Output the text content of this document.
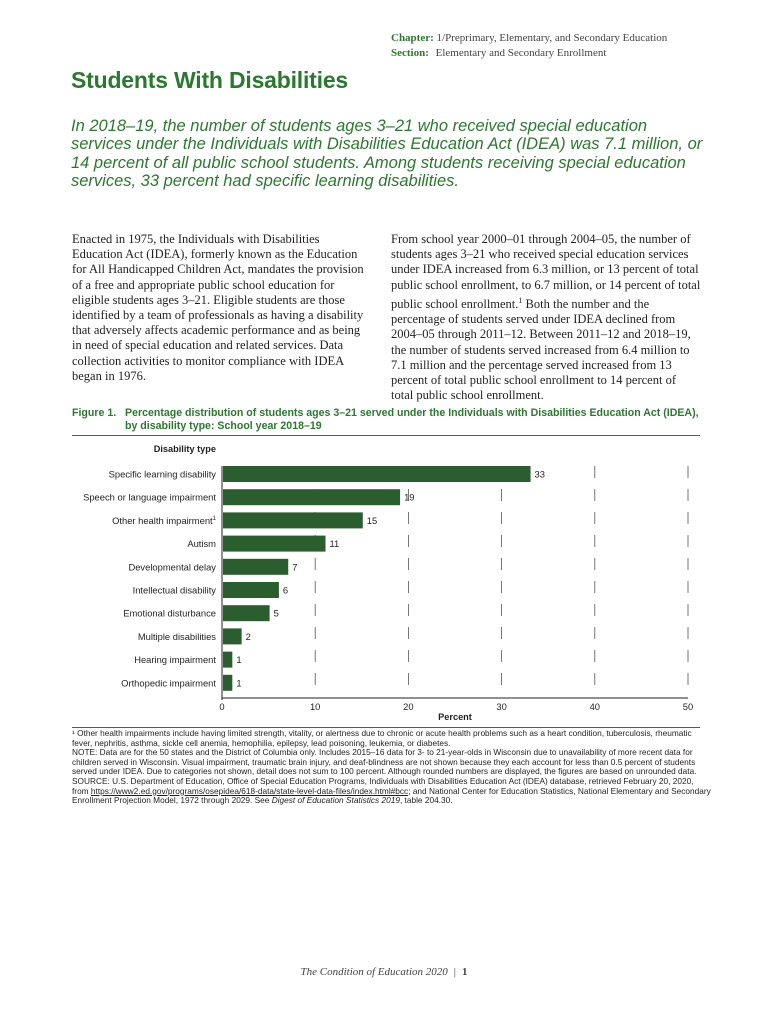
Chapter: 1/Preprimary, Elementary, and Secondary Education
Section: Elementary and Secondary Enrollment
Students With Disabilities
In 2018–19, the number of students ages 3–21 who received special education services under the Individuals with Disabilities Education Act (IDEA) was 7.1 million, or 14 percent of all public school students. Among students receiving special education services, 33 percent had specific learning disabilities.
Enacted in 1975, the Individuals with Disabilities Education Act (IDEA), formerly known as the Education for All Handicapped Children Act, mandates the provision of a free and appropriate public school education for eligible students ages 3–21. Eligible students are those identified by a team of professionals as having a disability that adversely affects academic performance and as being in need of special education and related services. Data collection activities to monitor compliance with IDEA began in 1976.
From school year 2000–01 through 2004–05, the number of students ages 3–21 who received special education services under IDEA increased from 6.3 million, or 13 percent of total public school enrollment, to 6.7 million, or 14 percent of total public school enrollment.$^1$ Both the number and the percentage of students served under IDEA declined from 2004–05 through 2011–12. Between 2011–12 and 2018–19, the number of students served increased from 6.4 million to 7.1 million and the percentage served increased from 13 percent of total public school enrollment to 14 percent of total public school enrollment.
Figure 1. Percentage distribution of students ages 3–21 served under the Individuals with Disabilities Education Act (IDEA),
by disability type: School year 2018–19
Disability type
Specific learning disability	33
Speech or language impairment	19
Other health impairment$^1$	15
Autism	11
Developmental delay	7
Intellectual disability	6
Emotional disturbance	5
Multiple disabilities	2
Hearing impairment 1
Orthopedic impairment 1
0	10	20	30	40	50
Percent

¹ Other health impairments include having limited strength, vitality, or alertness due to chronic or acute health problems such as a heart condition, tuberculosis, rheumatic fever, nephritis, asthma, sickle cell anemia, hemophilia, epilepsy, lead poisoning, leukemia, or diabetes.

NOTE: Data are for the 50 states and the District of Columbia only. Includes 2015–16 data for 3- to 21-year-olds in Wisconsin due to unavailability of more recent data for children served in Wisconsin. Visual impairment, traumatic brain injury, and deaf-blindness are not shown because they each account for less than 0.5 percent of students served under IDEA. Due to categories not shown, detail does not sum to 100 percent. Although rounded numbers are displayed, the figures are based on unrounded data.

SOURCE: U.S. Department of Education, Office of Special Education Programs, Individuals with Disabilities Education Act (IDEA) database, retrieved February 20, 2020, from https://www2.ed.gov/programs/osepidea/618-data/state-level-data-files/index.html#bcc; and National Center for Education Statistics, National Elementary and Secondary Enrollment Projection Model, 1972 through 2029. See Digest of Education Statistics 2019, table 204.30.

The Condition of Education 2020 | 1
